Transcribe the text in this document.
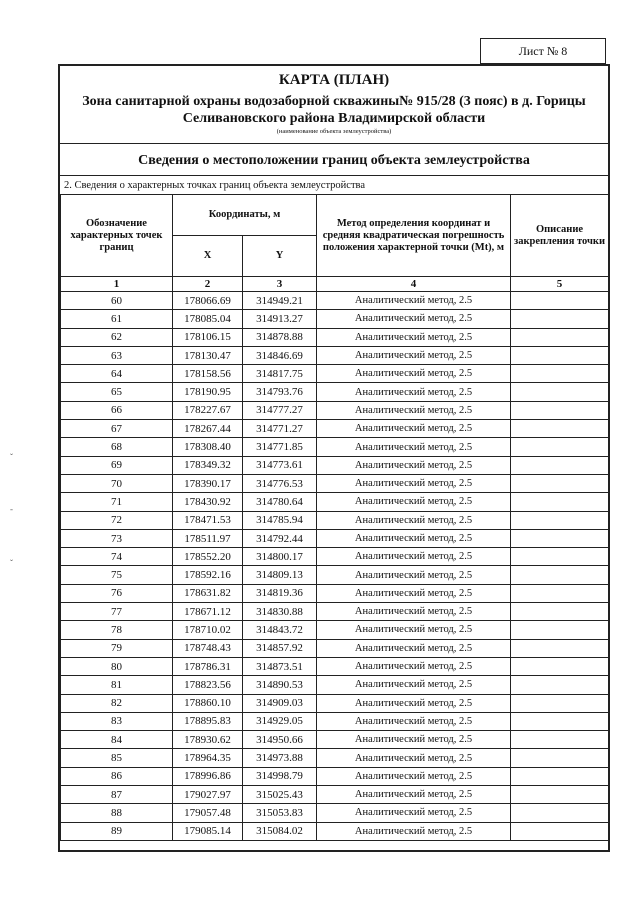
Лист № 8
КАРТА (ПЛАН)
Зона санитарной охраны водозаборной скважины№ 915/28 (3 пояс) в д. Горицы Селивановского района Владимирской области
(наименование объекта землеустройства)
Сведения о местоположении границ объекта землеустройства
2. Сведения о характерных точках границ объекта землеустройства
Обозначение характерных точек границ	Координаты, м		Метод определения координат и средняя квадратическая погрешность положения характерной точки (Mt), м	Описание закрепления точки
	X	Y		
1	2	3	4	5
60	178066.69	314949.21	Аналитический метод, 2.5	
61	178085.04	314913.27	Аналитический метод, 2.5	
62	178106.15	314878.88	Аналитический метод, 2.5	
63	178130.47	314846.69	Аналитический метод, 2.5	
64	178158.56	314817.75	Аналитический метод, 2.5	
65	178190.95	314793.76	Аналитический метод, 2.5	
66	178227.67	314777.27	Аналитический метод, 2.5	
67	178267.44	314771.27	Аналитический метод, 2.5	
68	178308.40	314771.85	Аналитический метод, 2.5	
69	178349.32	314773.61	Аналитический метод, 2.5	
70	178390.17	314776.53	Аналитический метод, 2.5	
71	178430.92	314780.64	Аналитический метод, 2.5	
72	178471.53	314785.94	Аналитический метод, 2.5	
73	178511.97	314792.44	Аналитический метод, 2.5	
74	178552.20	314800.17	Аналитический метод, 2.5	
75	178592.16	314809.13	Аналитический метод, 2.5	
76	178631.82	314819.36	Аналитический метод, 2.5	
77	178671.12	314830.88	Аналитический метод, 2.5	
78	178710.02	314843.72	Аналитический метод, 2.5	
79	178748.43	314857.92	Аналитический метод, 2.5	
80	178786.31	314873.51	Аналитический метод, 2.5	
81	178823.56	314890.53	Аналитический метод, 2.5	
82	178860.10	314909.03	Аналитический метод, 2.5	
83	178895.83	314929.05	Аналитический метод, 2.5	
84	178930.62	314950.66	Аналитический метод, 2.5	
85	178964.35	314973.88	Аналитический метод, 2.5	
86	178996.86	314998.79	Аналитический метод, 2.5	
87	179027.97	315025.43	Аналитический метод, 2.5	
88	179057.48	315053.83	Аналитический метод, 2.5	
89	179085.14	315084.02	Аналитический метод, 2.5	
ˇ
-
ˇ
